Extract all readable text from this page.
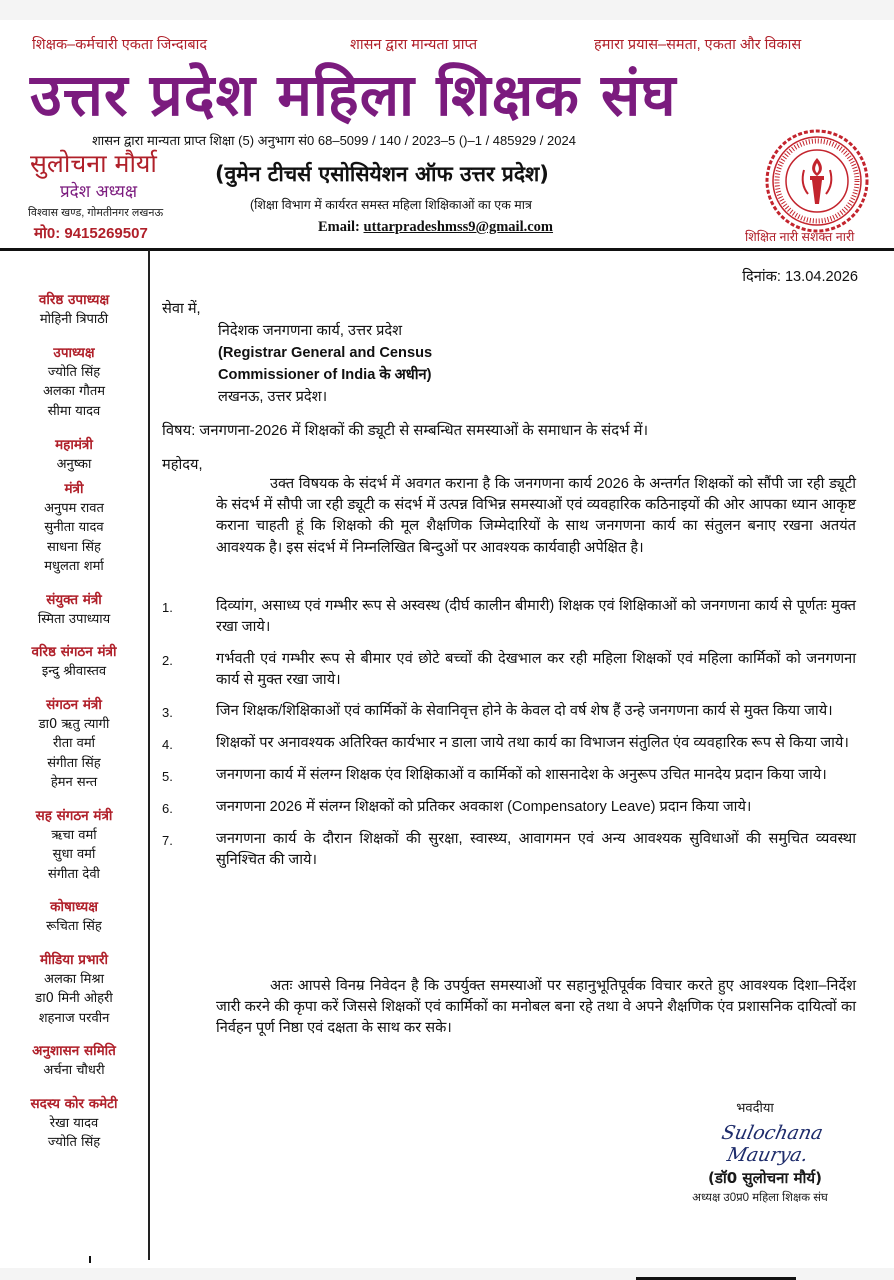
शिक्षक–कर्मचारी एकता जिन्दाबाद	शासन द्वारा मान्यता प्राप्त	हमारा प्रयास–समता, एकता और विकास
उत्तर प्रदेश महिला शिक्षक संघ
शासन द्वारा मान्यता प्राप्त शिक्षा (5) अनुभाग सं0 68–5099 / 140 / 2023–5 ()–1 / 485929 / 2024
सुलोचना मौर्या
प्रदेश अध्यक्ष
विश्वास खण्ड, गोमतीनगर लखनऊ
मो0: 9415269507
(वुमेन टीचर्स एसोसियेशन ऑफ उत्तर प्रदेश)
(शिक्षा विभाग में कार्यरत समस्त महिला शिक्षिकाओं का एक मात्र
Email: uttarpradeshmss9@gmail.com
शिक्षित नारी सशक्त नारी
वरिष्ठ उपाध्यक्ष
मोहिनी त्रिपाठी
उपाध्यक्ष
ज्योति सिंह
अलका गौतम
सीमा यादव
महामंत्री
अनुष्का
मंत्री
अनुपम रावत
सुनीता यादव
साधना सिंह
मधुलता शर्मा
संयुक्त मंत्री
स्मिता उपाध्याय
वरिष्ठ संगठन मंत्री
इन्दु श्रीवास्तव
संगठन मंत्री
डा0 ऋतु त्यागी
रीता वर्मा
संगीता सिंह
हेमन सन्त
सह संगठन मंत्री
ऋचा वर्मा
सुधा वर्मा
संगीता देवी
कोषाध्यक्ष
रूचिता सिंह
मीडिया प्रभारी
अलका मिश्रा
डा0 मिनी ओहरी
शहनाज परवीन
अनुशासन समिति
अर्चना चौधरी
सदस्य कोर कमेटी
रेखा यादव
ज्योति सिंह
दिनांक: 13.04.2026
सेवा में,
निदेशक जनगणना कार्य, उत्तर प्रदेश
(Registrar General and Census
Commissioner of India के अधीन)
लखनऊ, उत्तर प्रदेश।
विषय: जनगणना-2026 में शिक्षकों की ड्यूटी से सम्बन्धित समस्याओं के समाधान के संदर्भ में।
महोदय,
उक्त विषयक के संदर्भ में अवगत कराना है कि जनगणना कार्य 2026 के अन्तर्गत शिक्षकों को सौंपी जा रही ड्यूटी के संदर्भ में सौपी जा रही ड्यूटी क संदर्भ में उत्पन्न विभिन्न समस्याओं एवं व्यवहारिक कठिनाइयों की ओर आपका ध्यान आकृष्ट कराना चाहती हूं कि शिक्षको की मूल शैक्षणिक जिम्मेदारियों के साथ जनगणना कार्य का संतुलन बनाए रखना अतयंत आवश्यक है। इस संदर्भ में निम्नलिखित बिन्दुओं पर आवश्यक कार्यवाही अपेक्षित है।
1.	दिव्यांग, असाध्य एवं गम्भीर रूप से अस्वस्थ (दीर्घ कालीन बीमारी) शिक्षक एवं शिक्षिकाओं को जनगणना कार्य से पूर्णतः मुक्त रखा जाये।
2.	गर्भवती एवं गम्भीर रूप से बीमार एवं छोटे बच्चों की देखभाल कर रही महिला शिक्षकों एवं महिला कार्मिकों को जनगणना कार्य से मुक्त रखा जाये।
3.	जिन शिक्षक/शिक्षिकाओं एवं कार्मिकों के सेवानिवृत्त होने के केवल दो वर्ष शेष हैं उन्हे जनगणना कार्य से मुक्त किया जाये।
4.	शिक्षकों पर अनावश्यक अतिरिक्त कार्यभार न डाला जाये तथा कार्य का विभाजन संतुलित एंव व्यवहारिक रूप से किया जाये।
5.	जनगणना कार्य में संलग्न शिक्षक एंव शिक्षिकाओं व कार्मिकों को शासनादेश के अनुरूप उचित मानदेय प्रदान किया जाये।
6.	जनगणना 2026 में संलग्न शिक्षकों को प्रतिकर अवकाश (Compensatory Leave) प्रदान किया जाये।
7.	जनगणना कार्य के दौरान शिक्षकों की सुरक्षा, स्वास्थ्य, आवागमन एवं अन्य आवश्यक सुविधाओं की समुचित व्यवस्था सुनिश्चित की जाये।
अतः आपसे विनम्र निवेदन है कि उपर्युक्त समस्याओं पर सहानुभूतिपूर्वक विचार करते हुए आवश्यक दिशा–निर्देश जारी करने की कृपा करें जिससे शिक्षकों एवं कार्मिकों का मनोबल बना रहे तथा वे अपने शैक्षणिक एंव प्रशासनिक दायित्वों का निर्वहन पूर्ण निष्ठा एवं दक्षता के साथ कर सके।
भवदीया
Sulochana Maurya.
(डॉ0 सुलोचना मौर्य)
अध्यक्ष उ0प्र0 महिला शिक्षक संघ
